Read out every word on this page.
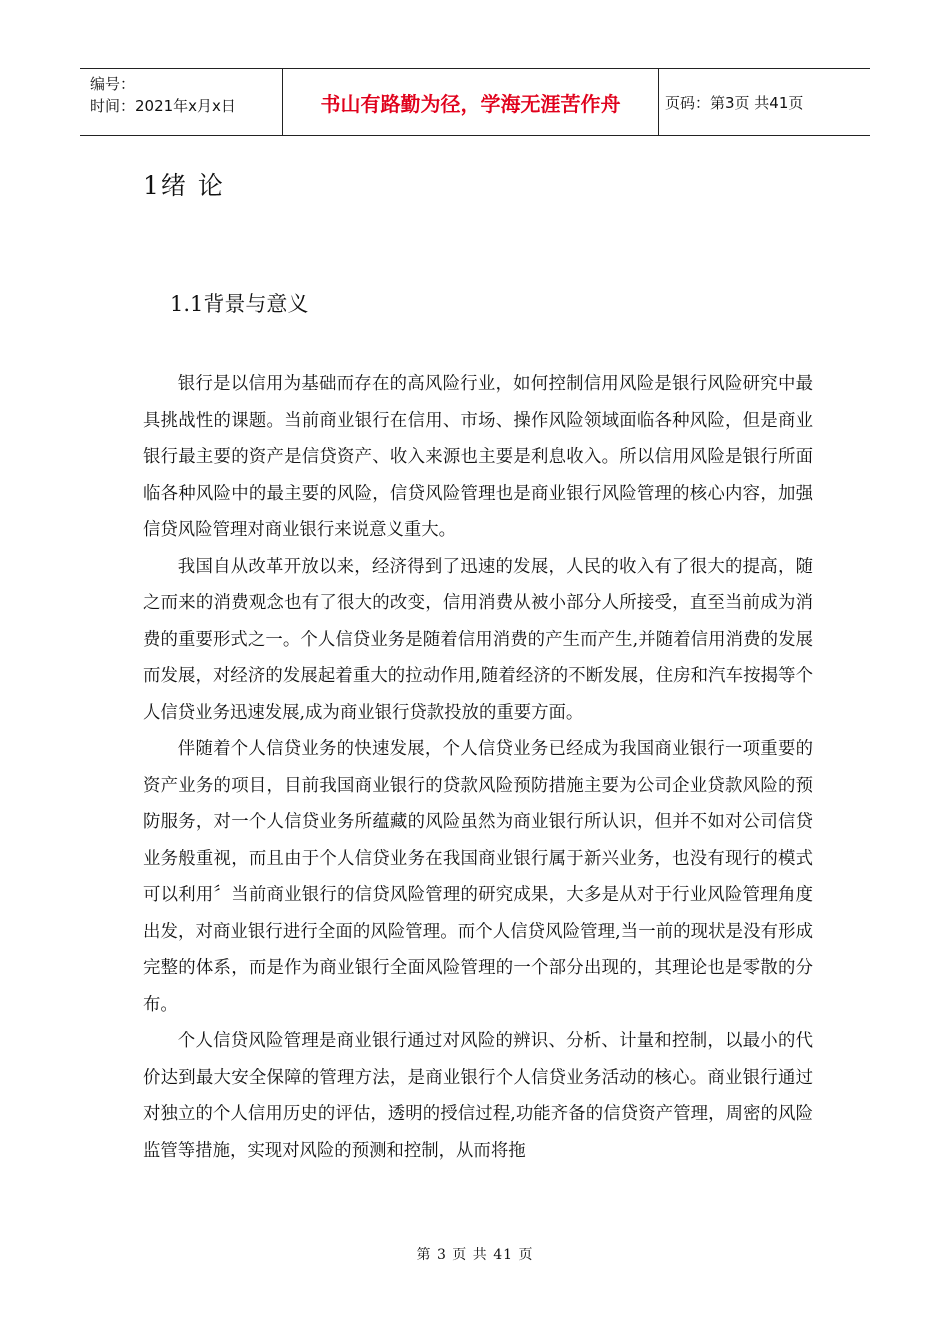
编号：
时间：2021年x月x日	书山有路勤为径，学海无涯苦作舟	页码：第3页 共41页
1绪 论
1.1背景与意义

银行是以信用为基础而存在的高风险行业，如何控制信用风险是银行风险研究中最具挑战性的课题。当前商业银行在信用、市场、操作风险领域面临各种风险，但是商业银行最主要的资产是信贷资产、收入来源也主要是利息收入。所以信用风险是银行所面临各种风险中的最主要的风险，信贷风险管理也是商业银行风险管理的核心内容，加强信贷风险管理对商业银行来说意义重大。

我国自从改革开放以来，经济得到了迅速的发展，人民的收入有了很大的提高，随之而来的消费观念也有了很大的改变，信用消费从被小部分人所接受，直至当前成为消费的重要形式之一。个人信贷业务是随着信用消费的产生而产生,并随着信用消费的发展而发展，对经济的发展起着重大的拉动作用,随着经济的不断发展，住房和汽车按揭等个人信贷业务迅速发展,成为商业银行贷款投放的重要方面。

伴随着个人信贷业务的快速发展，个人信贷业务已经成为我国商业银行一项重要的资产业务的项目，目前我国商业银行的贷款风险预防措施主要为公司企业贷款风险的预防服务，对一个人信贷业务所蕴藏的风险虽然为商业银行所认识，但并不如对公司信贷业务般重视，而且由于个人信贷业务在我国商业银行属于新兴业务，也没有现行的模式可以利用〞当前商业银行的信贷风险管理的研究成果，大多是从对于行业风险管理角度出发，对商业银行进行全面的风险管理。而个人信贷风险管理,当一前的现状是没有形成完整的体系，而是作为商业银行全面风险管理的一个部分出现的，其理论也是零散的分布。

个人信贷风险管理是商业银行通过对风险的辨识、分析、计量和控制，以最小的代价达到最大安全保障的管理方法，是商业银行个人信贷业务活动的核心。商业银行通过对独立的个人信用历史的评估，透明的授信过程,功能齐备的信贷资产管理，周密的风险监管等措施，实现对风险的预测和控制，从而将拖

第 3 页 共 41 页
